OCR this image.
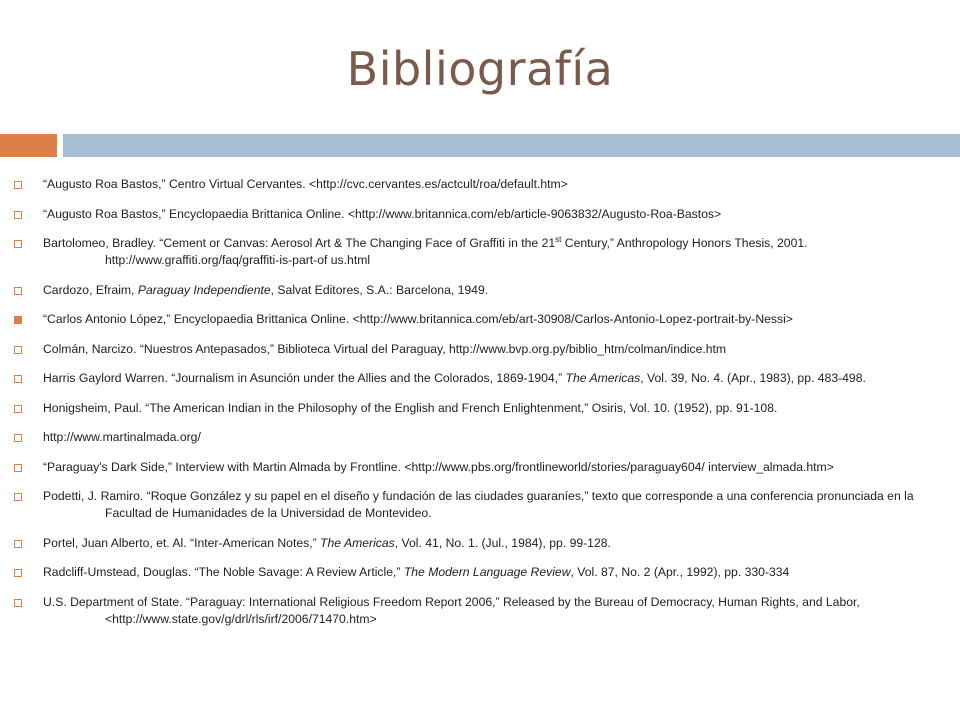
Bibliografía
“Augusto Roa Bastos,” Centro Virtual Cervantes. <http://cvc.cervantes.es/actcult/roa/default.htm>
“Augusto Roa Bastos,” Encyclopaedia Brittanica Online. <http://www.britannica.com/eb/article-9063832/Augusto-Roa-Bastos>
Bartolomeo, Bradley. “Cement or Canvas: Aerosol Art & The Changing Face of Graffiti in the 21st Century,” Anthropology Honors Thesis, 2001. http://www.graffiti.org/faq/graffiti-is-part-of us.html
Cardozo, Efraim, Paraguay Independiente, Salvat Editores, S.A.: Barcelona, 1949.
“Carlos Antonio López,” Encyclopaedia Brittanica Online. <http://www.britannica.com/eb/art-30908/Carlos-Antonio-Lopez-portrait-by-Nessi>
Colmán, Narcizo. “Nuestros Antepasados,” Biblioteca Virtual del Paraguay, http://www.bvp.org.py/biblio_htm/colman/indice.htm
Harris Gaylord Warren. “Journalism in Asunción under the Allies and the Colorados, 1869-1904,” The Americas, Vol. 39, No. 4. (Apr., 1983), pp. 483-498.
Honigsheim, Paul. “The American Indian in the Philosophy of the English and French Enlightenment,” Osiris, Vol. 10. (1952), pp. 91-108.
http://www.martinalmada.org/
“Paraguay's Dark Side,” Interview with Martin Almada by Frontline. <http://www.pbs.org/frontlineworld/stories/paraguay604/ interview_almada.htm>
Podetti, J. Ramiro. “Roque González y su papel en el diseño y fundación de las ciudades guaraníes,” texto que corresponde a una conferencia pronunciada en la Facultad de Humanidades de la Universidad de Montevideo.
Portel, Juan Alberto, et. Al. “Inter-American Notes,” The Americas, Vol. 41, No. 1. (Jul., 1984), pp. 99-128.
Radcliff-Umstead, Douglas. “The Noble Savage: A Review Article,” The Modern Language Review, Vol. 87, No. 2 (Apr., 1992), pp. 330-334
U.S. Department of State. “Paraguay: International Religious Freedom Report 2006,” Released by the Bureau of Democracy, Human Rights, and Labor, <http://www.state.gov/g/drl/rls/irf/2006/71470.htm>
